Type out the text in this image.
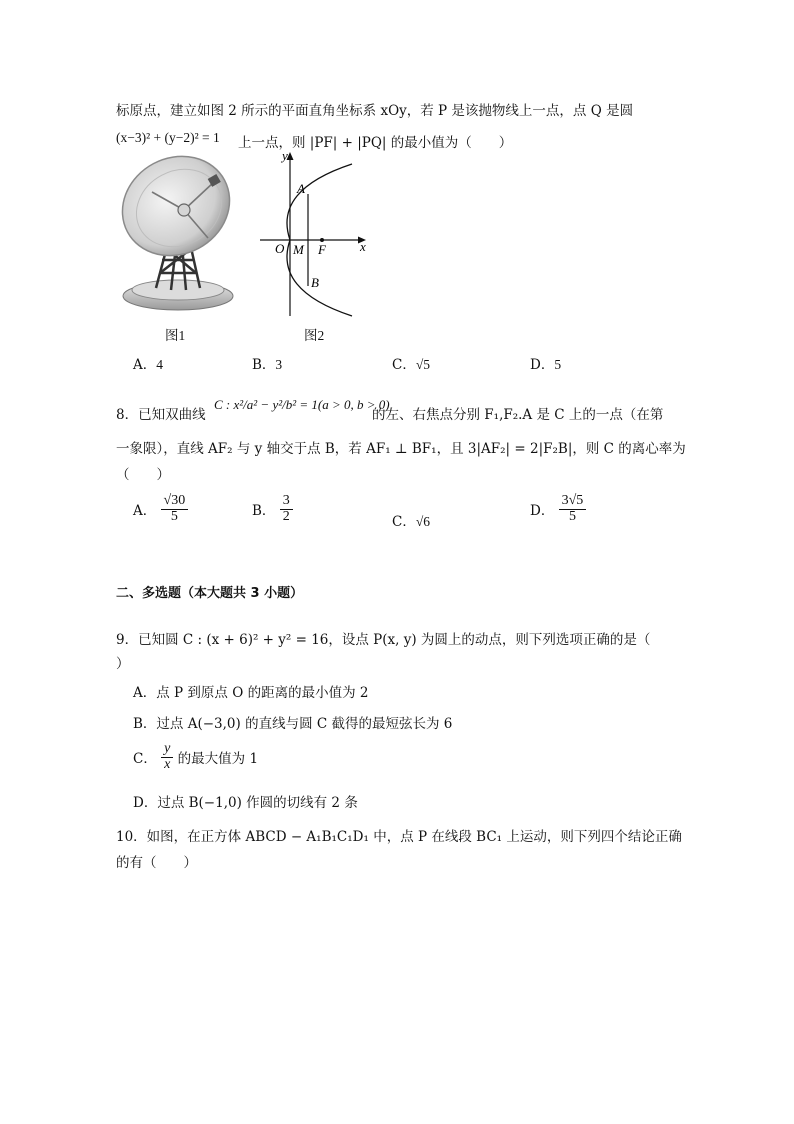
标原点，建立如图 2 所示的平面直角坐标系 xOy，若 P 是该抛物线上一点，点 Q 是圆
(x−3)² + (y−2)² = 1 上一点，则 |PF| + |PQ| 的最小值为（　　）
y
x
A
O M F
B
图1	图2
A．4	B．3	C．√5	D．5
8．已知双曲线
C : x²/a² − y²/b² = 1(a > 0, b > 0)
的左、右焦点分别 F₁,F₂.A 是 C 上的一点（在第
一象限），直线 AF₂ 与 y 轴交于点 B，若 AF₁ ⊥ BF₁，且 3|AF₂| = 2|F₂B|，则 C 的离心率为
（　　）
A． $\frac{√30}{5}$	B． $\frac{3}{2}$	C．√6
D． $\frac{3√5}{5}$
二、多选题（本大题共 3 小题）
9．已知圆 C : (x + 6)² + y² = 16，设点 P(x, y) 为圆上的动点，则下列选项正确的是（
）
A．点 P 到原点 O 的距离的最小值为 2
B．过点 A(−3,0) 的直线与圆 C 截得的最短弦长为 6
C． $\frac{y}{x}$ 的最大值为 1
D．过点 B(−1,0) 作圆的切线有 2 条
10．如图，在正方体 ABCD − A₁B₁C₁D₁ 中，点 P 在线段 BC₁ 上运动，则下列四个结论正确
的有（　　）
